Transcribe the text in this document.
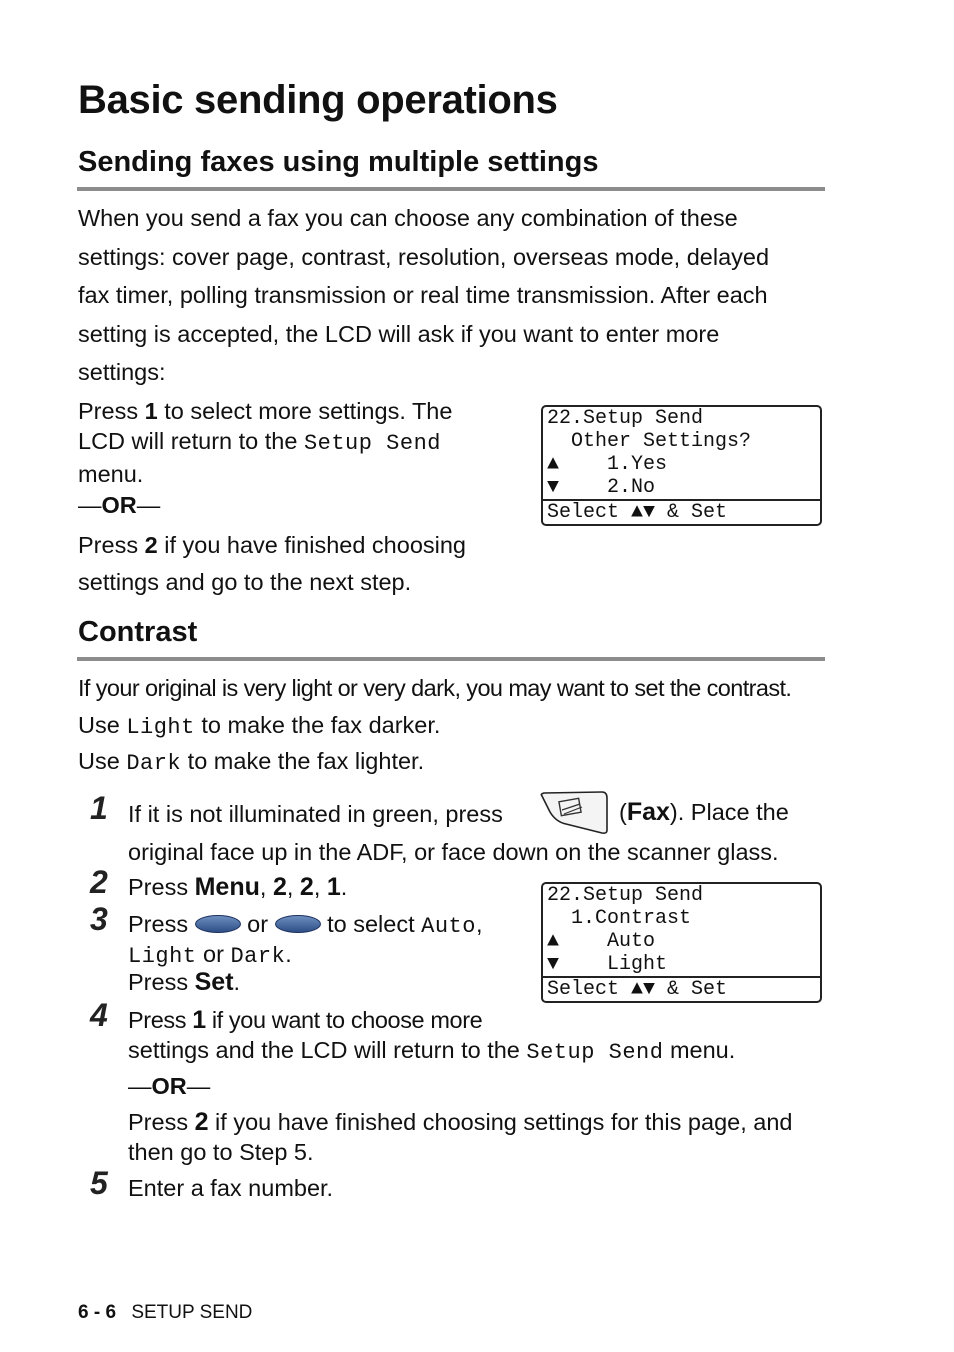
Basic sending operations
Sending faxes using multiple settings
When you send a fax you can choose any combination of these
settings: cover page, contrast, resolution, overseas mode, delayed
fax timer, polling transmission or real time transmission. After each
setting is accepted, the LCD will ask if you want to enter more
settings:
Press 1 to select more settings. The
LCD will return to the Setup Send
menu.
—OR—
Press 2 if you have finished choosing
settings and go to the next step.
22.Setup Send
Other Settings?
▲    1.Yes
▼    2.No
Select ▲▼ & Set
Contrast
If your original is very light or very dark, you may want to set the contrast.
Use Light to make the fax darker.
Use Dark to make the fax lighter.
1 If it is not illuminated in green, press	(Fax). Place the
original face up in the ADF, or face down on the scanner glass.
2 Press Menu, 2, 2, 1.
3 Press  or  to select Auto,
Light or Dark.
Press Set.
22.Setup Send
1.Contrast
▲    Auto
▼    Light
Select ▲▼ & Set
4 Press 1 if you want to choose more
settings and the LCD will return to the Setup Send menu.
—OR—
Press 2 if you have finished choosing settings for this page, and
then go to Step 5.
5 Enter a fax number.
6 - 6 SETUP SEND
